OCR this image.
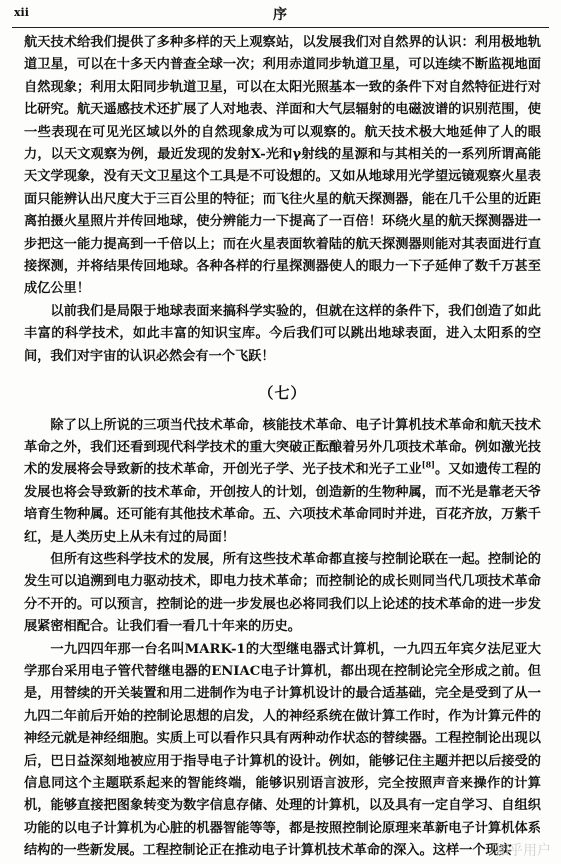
xii	序

航天技术给我们提供了多种多样的天上观察站，以发展我们对自然界的认识：利用极地轨道卫星，可以在十多天内普查全球一次；利用赤道同步轨道卫星，可以连续不断监视地面自然现象；利用太阳同步轨道卫星，可以在太阳光照基本一致的条件下对自然特征进行对比研究。航天遥感技术还扩展了人对地表、洋面和大气层辐射的电磁波谱的识别范围，使一些表现在可见光区域以外的自然现象成为可以观察的。航天技术极大地延伸了人的眼力，以天文观察为例，最近发现的发射X-光和γ射线的星源和与其相关的一系列所谓高能天文学现象，没有天文卫星这个工具是不可设想的。又如从地球用光学望远镜观察火星表面只能辨认出尺度大于三百公里的特征；而飞往火星的航天探测器，能在几千公里的近距离拍摄火星照片并传回地球，使分辨能力一下提高了一百倍！环绕火星的航天探测器进一步把这一能力提高到一千倍以上；而在火星表面软着陆的航天探测器则能对其表面进行直接探测，并将结果传回地球。各种各样的行星探测器使人的眼力一下子延伸了数千万甚至成亿公里！

以前我们是局限于地球表面来搞科学实验的，但就在这样的条件下，我们创造了如此丰富的科学技术，如此丰富的知识宝库。今后我们可以跳出地球表面，进入太阳系的空间，我们对宇宙的认识必然会有一个飞跃！

（七）

除了以上所说的三项当代技术革命，核能技术革命、电子计算机技术革命和航天技术革命之外，我们还看到现代科学技术的重大突破正酝酿着另外几项技术革命。例如激光技术的发展将会导致新的技术革命，开创光子学、光子技术和光子工业[8]。又如遗传工程的发展也将会导致新的技术革命，开创按人的计划，创造新的生物种属，而不光是靠老天爷培育生物种属。还可能有其他技术革命。五、六项技术革命同时并进，百花齐放，万紫千红，是人类历史上从未有过的局面！

但所有这些科学技术的发展，所有这些技术革命都直接与控制论联在一起。控制论的发生可以追溯到电力驱动技术，即电力技术革命；而控制论的成长则同当代几项技术革命分不开的。可以预言，控制论的进一步发展也必将同我们以上论述的技术革命的进一步发展紧密相配合。让我们看一看几十年来的历史。

一九四四年那一台名叫MARK-1的大型继电器式计算机，一九四五年宾夕法尼亚大学那台采用电子管代替继电器的ENIAC电子计算机，都出现在控制论完全形成之前。但是，用替续的开关装置和用二进制作为电子计算机设计的最合适基础，完全是受到了从一九四二年前后开始的控制论思想的启发，人的神经系统在做计算工作时，作为计算元件的神经元就是神经细胞。实质上可以看作只具有两种动作状态的替续器。工程控制论出现以后，巴日益深刻地被应用于指导电子计算机的设计。例如，能够记住主题并把以后接受的信息同这个主题联系起来的智能终端，能够识别语言波形，完全按照声音来操作的计算机，能够直接把图象转变为数字信息存储、处理的计算机，以及具有一定自学习、自组织功能的以电子计算机为心脏的机器智能等等，都是按照控制论原理来革新电子计算机体系结构的一些新发展。工程控制论正在推动电子计算机技术革命的深入。这样一个现实

知乎用户
